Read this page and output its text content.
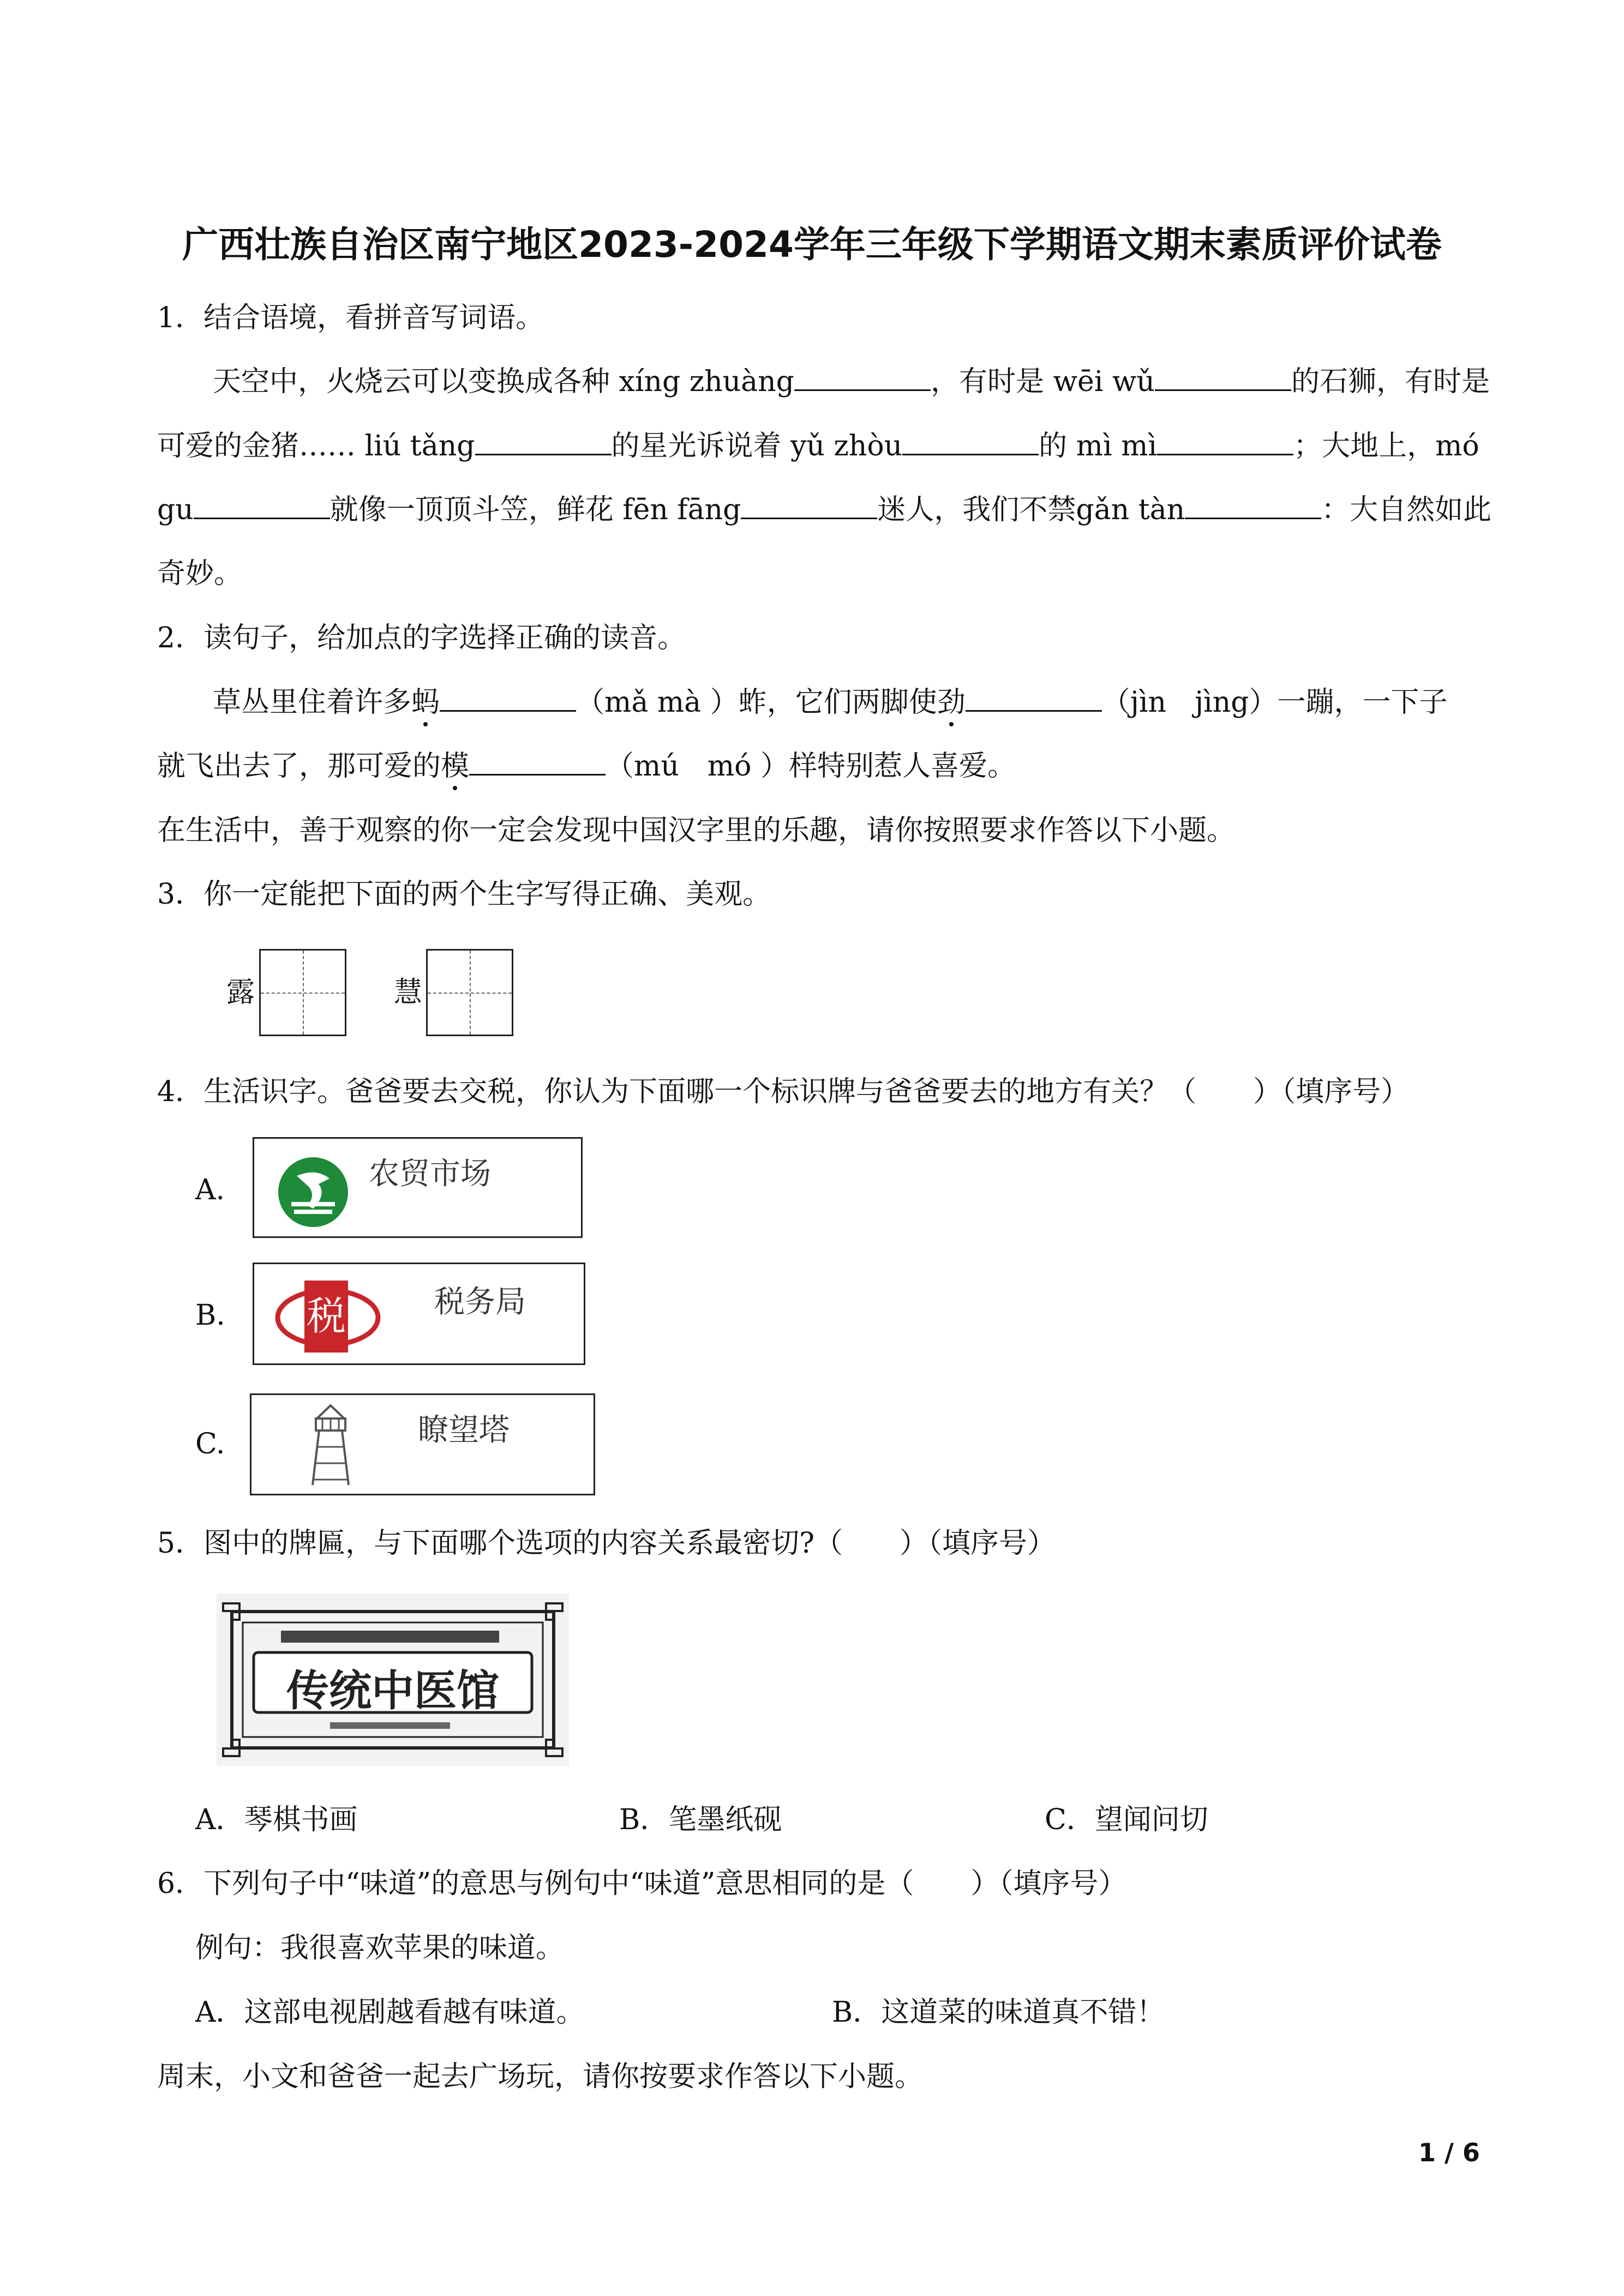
广西壮族自治区南宁地区2023-2024学年三年级下学期语文期末素质评价试卷
1．结合语境，看拼音写词语。
天空中，火烧云可以变换成各种 xíng zhuàng	，有时是 wēi wǔ	的石狮，有时是
可爱的金猪…… liú tǎng	的星光诉说着 yǔ zhòu	的 mì mì	；大地上，mó
gu	就像一顶顶斗笠，鲜花 fēn fāng	迷人，我们不禁gǎn tàn	：大自然如此
奇妙。
2．读句子，给加点的字选择正确的读音。
草丛里住着许多蚂	（mǎ mà ）蚱，它们两脚使劲	（jìn　jìng）一蹦，一下子
就飞出去了，那可爱的模	（mú　mó ）样特别惹人喜爱。
在生活中，善于观察的你一定会发现中国汉字里的乐趣，请你按照要求作答以下小题。
3．你一定能把下面的两个生字写得正确、美观。
露	慧
4．生活识字。爸爸要去交税，你认为下面哪一个标识牌与爸爸要去的地方有关？（　　）（填序号）
A.	农贸市场
B. 税	税务局
C.	瞭望塔
5．图中的牌匾，与下面哪个选项的内容关系最密切?（　　）（填序号）
传统中医馆
A．琴棋书画	B．笔墨纸砚	C．望闻问切
6．下列句子中“味道”的意思与例句中“味道”意思相同的是（　　）（填序号）
例句：我很喜欢苹果的味道。
A．这部电视剧越看越有味道。	B．这道菜的味道真不错！
周末，小文和爸爸一起去广场玩，请你按要求作答以下小题。
1 / 6
